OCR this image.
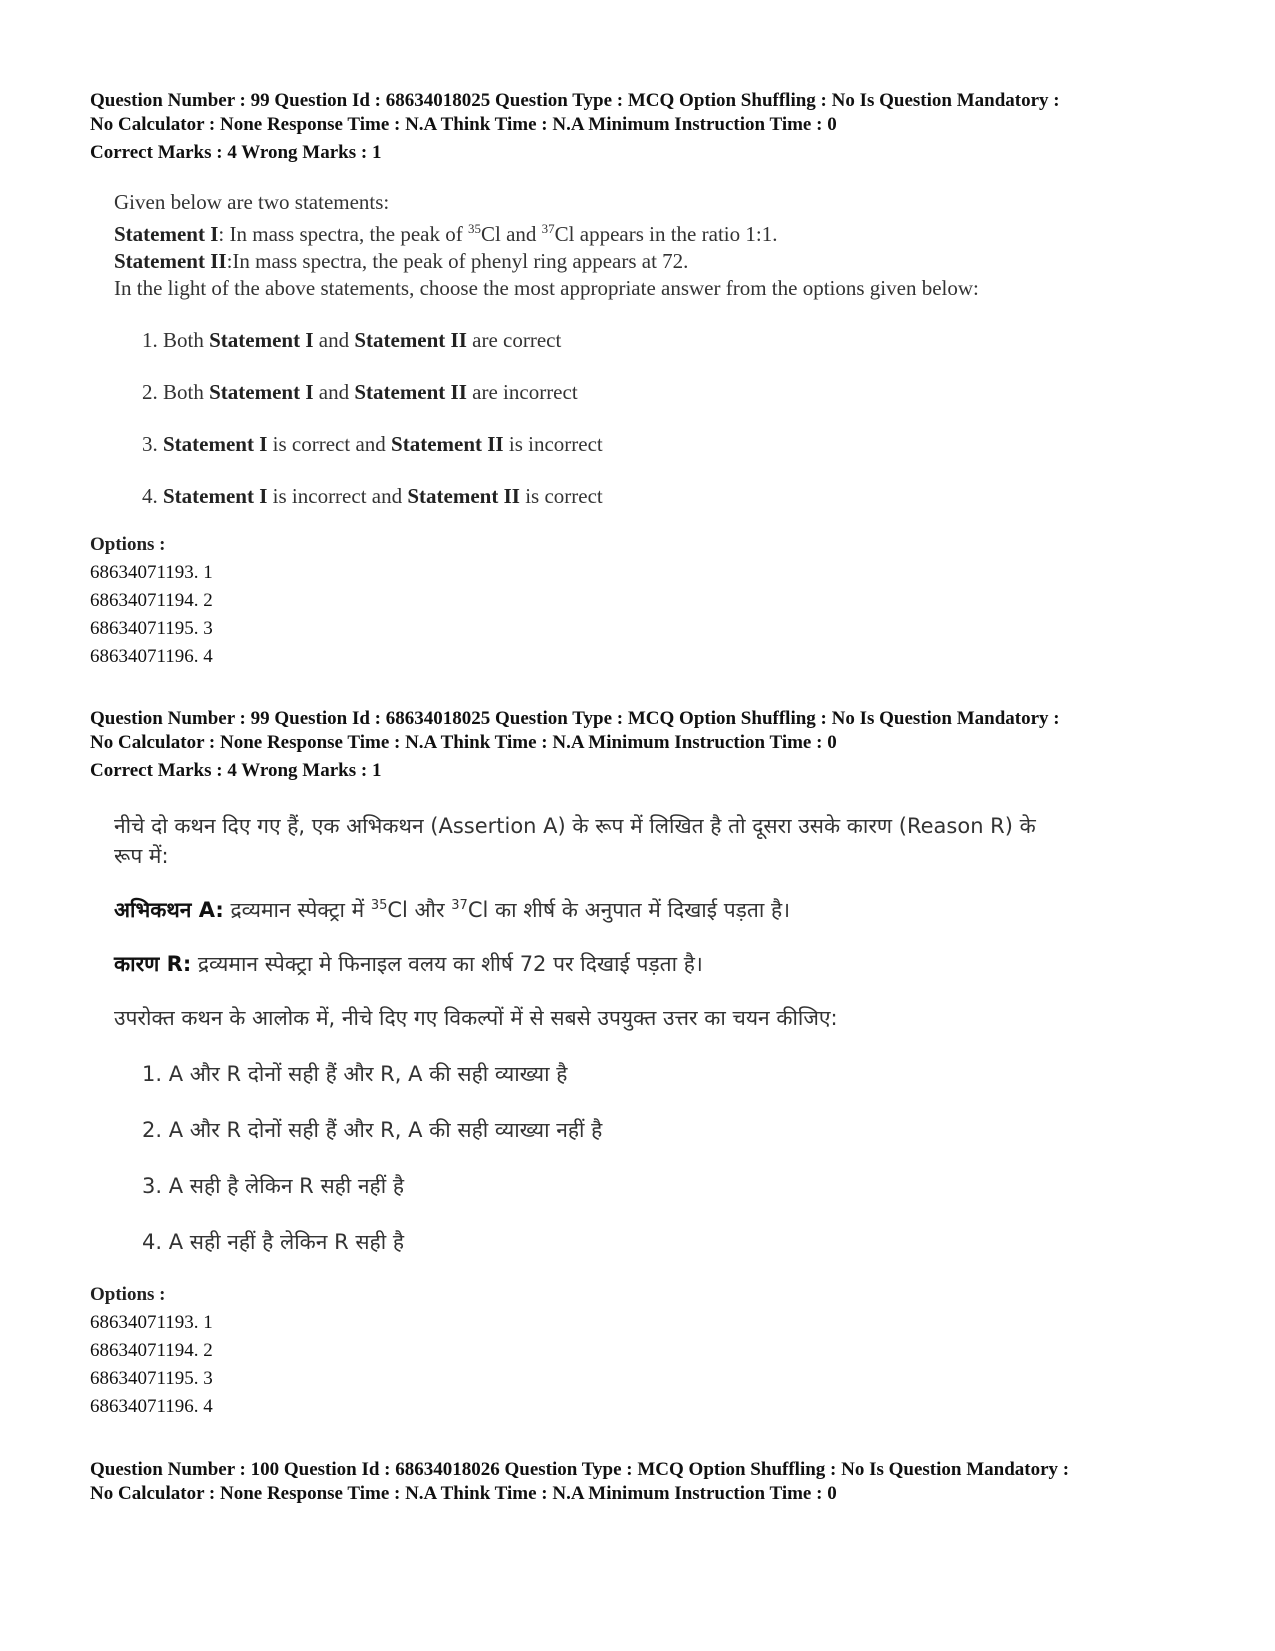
Question Number : 99 Question Id : 68634018025 Question Type : MCQ Option Shuffling : No Is Question Mandatory :
No Calculator : None Response Time : N.A Think Time : N.A Minimum Instruction Time : 0
Correct Marks : 4 Wrong Marks : 1
Given below are two statements:
Statement I: In mass spectra, the peak of $^{35}$Cl and $^{37}$Cl appears in the ratio 1:1.
Statement II:In mass spectra, the peak of phenyl ring appears at 72.
In the light of the above statements, choose the most appropriate answer from the options given below:
1. Both Statement I and Statement II are correct
2. Both Statement I and Statement II are incorrect
3. Statement I is correct and Statement II is incorrect
4. Statement I is incorrect and Statement II is correct
Options :
68634071193. 1
68634071194. 2
68634071195. 3
68634071196. 4
Question Number : 99 Question Id : 68634018025 Question Type : MCQ Option Shuffling : No Is Question Mandatory :
No Calculator : None Response Time : N.A Think Time : N.A Minimum Instruction Time : 0
Correct Marks : 4 Wrong Marks : 1
नीचे दो कथन दिए गए हैं, एक अभिकथन (Assertion A) के रूप में लिखित है तो दूसरा उसके कारण (Reason R) के
रूप में:
अभिकथन A: द्रव्यमान स्पेक्ट्रा में $^{35}$Cl और $^{37}$Cl का शीर्ष के अनुपात में दिखाई पड़ता है।
कारण R: द्रव्यमान स्पेक्ट्रा मे फिनाइल वलय का शीर्ष 72 पर दिखाई पड़ता है।
उपरोक्त कथन के आलोक में, नीचे दिए गए विकल्पों में से सबसे उपयुक्त उत्तर का चयन कीजिए:
1. A और R दोनों सही हैं और R, A की सही व्याख्या है
2. A और R दोनों सही हैं और R, A की सही व्याख्या नहीं है
3. A सही है लेकिन R सही नहीं है
4. A सही नहीं है लेकिन R सही है
Options :
68634071193. 1
68634071194. 2
68634071195. 3
68634071196. 4
Question Number : 100 Question Id : 68634018026 Question Type : MCQ Option Shuffling : No Is Question Mandatory :
No Calculator : None Response Time : N.A Think Time : N.A Minimum Instruction Time : 0
